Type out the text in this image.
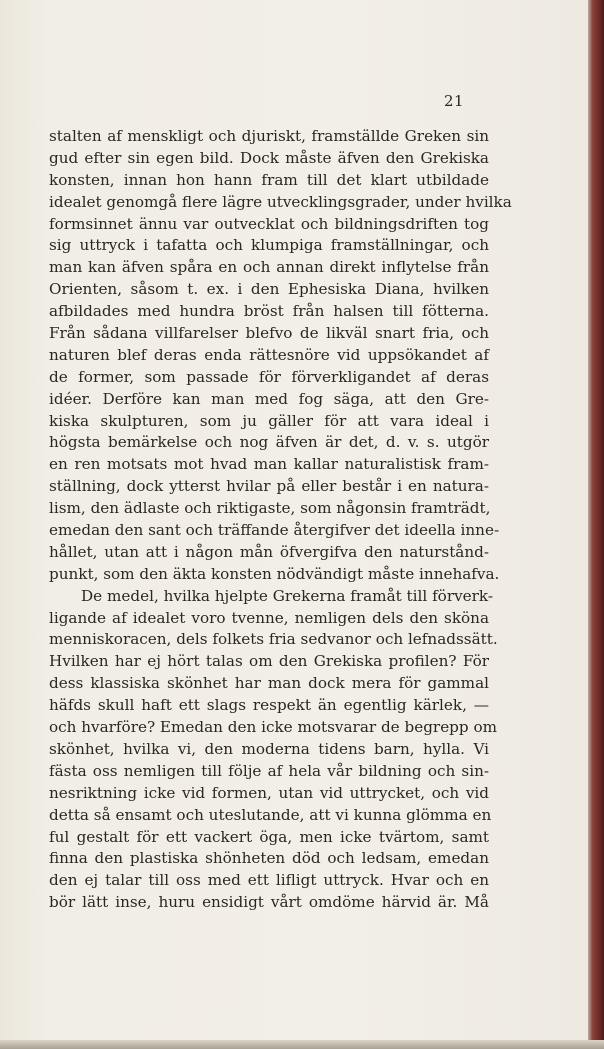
21
stalten af menskligt och djuriskt, framställde Greken sin
gud efter sin egen bild. Dock måste äfven den Grekiska
konsten, innan hon hann fram till det klart utbildade
idealet genomgå flere lägre utvecklingsgrader, under hvilka
formsinnet ännu var outvecklat och bildningsdriften tog
sig uttryck i tafatta och klumpiga framställningar, och
man kan äfven spåra en och annan direkt inflytelse från
Orienten, såsom t. ex. i den Ephesiska Diana, hvilken
afbildades med hundra bröst från halsen till fötterna.
Från sådana villfarelser blefvo de likväl snart fria, och
naturen blef deras enda rättesnöre vid uppsökandet af
de former, som passade för förverkligandet af deras
idéer. Derföre kan man med fog säga, att den Gre-
kiska skulpturen, som ju gäller för att vara ideal i
högsta bemärkelse och nog äfven är det, d. v. s. utgör
en ren motsats mot hvad man kallar naturalistisk fram-
ställning, dock ytterst hvilar på eller består i en natura-
lism, den ädlaste och riktigaste, som någonsin framträdt,
emedan den sant och träffande återgifver det ideella inne-
hållet, utan att i någon mån öfvergifva den naturstånd-
punkt, som den äkta konsten nödvändigt måste innehafva.
De medel, hvilka hjelpte Grekerna framåt till förverk-
ligande af idealet voro tvenne, nemligen dels den sköna
menniskoracen, dels folkets fria sedvanor och lefnadssätt.
Hvilken har ej hört talas om den Grekiska profilen? För
dess klassiska skönhet har man dock mera för gammal
häfds skull haft ett slags respekt än egentlig kärlek, —
och hvarföre? Emedan den icke motsvarar de begrepp om
skönhet, hvilka vi, den moderna tidens barn, hylla. Vi
fästa oss nemligen till följe af hela vår bildning och sin-
nesriktning icke vid formen, utan vid uttrycket, och vid
detta så ensamt och uteslutande, att vi kunna glömma en
ful gestalt för ett vackert öga, men icke tvärtom, samt
finna den plastiska shönheten död och ledsam, emedan
den ej talar till oss med ett lifligt uttryck. Hvar och en
bör lätt inse, huru ensidigt vårt omdöme härvid är. Må
